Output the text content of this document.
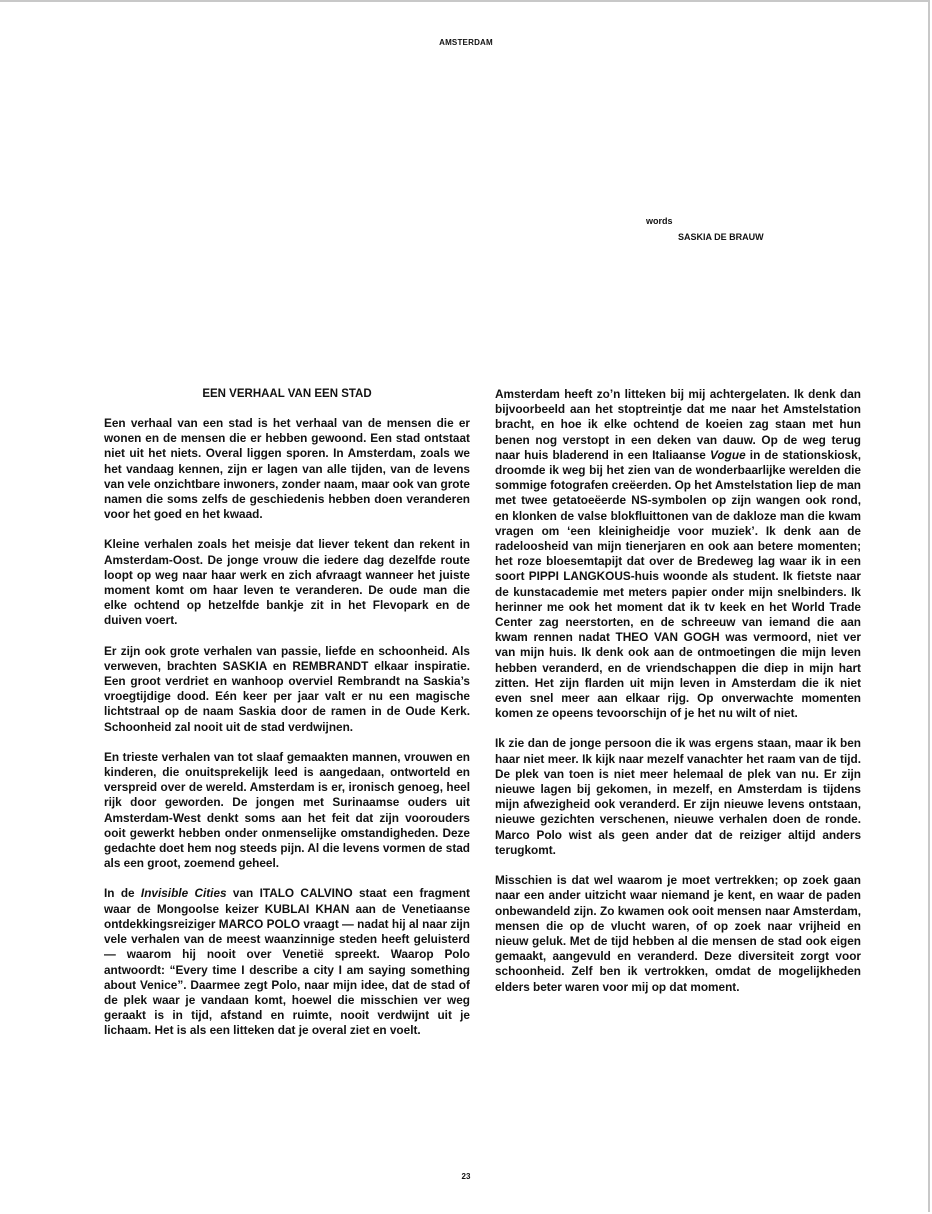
AMSTERDAM
words
SASKIA DE BRAUW
EEN VERHAAL VAN EEN STAD

Een verhaal van een stad is het verhaal van de mensen die er wonen en de mensen die er hebben gewoond. Een stad ontstaat niet uit het niets. Overal liggen sporen. In Amsterdam, zoals we het vandaag kennen, zijn er lagen van alle tijden, van de levens van vele onzichtbare inwoners, zonder naam, maar ook van grote namen die soms zelfs de geschiedenis hebben doen veranderen voor het goed en het kwaad.

Kleine verhalen zoals het meisje dat liever tekent dan rekent in Amsterdam-Oost. De jonge vrouw die iedere dag dezelfde route loopt op weg naar haar werk en zich afvraagt wanneer het juiste moment komt om haar leven te veranderen. De oude man die elke ochtend op hetzelfde bankje zit in het Flevopark en de duiven voert.

Er zijn ook grote verhalen van passie, liefde en schoonheid. Als verweven, brachten SASKIA en REMBRANDT elkaar inspiratie. Een groot verdriet en wanhoop overviel Rembrandt na Saskia’s vroegtijdige dood. Eén keer per jaar valt er nu een magische lichtstraal op de naam Saskia door de ramen in de Oude Kerk. Schoonheid zal nooit uit de stad verdwijnen.

En trieste verhalen van tot slaaf gemaakten mannen, vrouwen en kinderen, die onuitsprekelijk leed is aangedaan, ontworteld en verspreid over de wereld. Amsterdam is er, ironisch genoeg, heel rijk door geworden. De jongen met Surinaamse ouders uit Amsterdam-West denkt soms aan het feit dat zijn voorouders ooit gewerkt hebben onder onmenselijke omstandigheden. Deze gedachte doet hem nog steeds pijn. Al die levens vormen de stad als een groot, zoemend geheel.

In de Invisible Cities van ITALO CALVINO staat een fragment waar de Mongoolse keizer KUBLAI KHAN aan de Venetiaanse ontdekkingsreiziger MARCO POLO vraagt — nadat hij al naar zijn vele verhalen van de meest waanzinnige steden heeft geluisterd — waarom hij nooit over Venetië spreekt. Waarop Polo antwoordt: “Every time I describe a city I am saying something about Venice”. Daarmee zegt Polo, naar mijn idee, dat de stad of de plek waar je vandaan komt, hoewel die misschien ver weg geraakt is in tijd, afstand en ruimte, nooit verdwijnt uit je lichaam. Het is als een litteken dat je overal ziet en voelt.

Amsterdam heeft zo’n litteken bij mij achtergelaten. Ik denk dan bijvoorbeeld aan het stoptreintje dat me naar het Amstelstation bracht, en hoe ik elke ochtend de koeien zag staan met hun benen nog verstopt in een deken van dauw. Op de weg terug naar huis bladerend in een Italiaanse Vogue in de stationskiosk, droomde ik weg bij het zien van de wonderbaarlijke werelden die sommige fotografen creëerden. Op het Amstelstation liep de man met twee getatoeëerde NS-symbolen op zijn wangen ook rond, en klonken de valse blokfluittonen van de dakloze man die kwam vragen om ‘een kleinigheidje voor muziek’. Ik denk aan de radeloosheid van mijn tienerjaren en ook aan betere momenten; het roze bloesemtapijt dat over de Bredeweg lag waar ik in een soort PIPPI LANGKOUS-huis woonde als student. Ik fietste naar de kunstacademie met meters papier onder mijn snelbinders. Ik herinner me ook het moment dat ik tv keek en het World Trade Center zag neerstorten, en de schreeuw van iemand die aan kwam rennen nadat THEO VAN GOGH was vermoord, niet ver van mijn huis. Ik denk ook aan de ontmoetingen die mijn leven hebben veranderd, en de vriendschappen die diep in mijn hart zitten. Het zijn flarden uit mijn leven in Amsterdam die ik niet even snel meer aan elkaar rijg. Op onverwachte momenten komen ze opeens tevoorschijn of je het nu wilt of niet.

Ik zie dan de jonge persoon die ik was ergens staan, maar ik ben haar niet meer. Ik kijk naar mezelf vanachter het raam van de tijd. De plek van toen is niet meer helemaal de plek van nu. Er zijn nieuwe lagen bij gekomen, in mezelf, en Amsterdam is tijdens mijn afwezigheid ook veranderd. Er zijn nieuwe levens ontstaan, nieuwe gezichten verschenen, nieuwe verhalen doen de ronde. Marco Polo wist als geen ander dat de reiziger altijd anders terugkomt.

Misschien is dat wel waarom je moet vertrekken; op zoek gaan naar een ander uitzicht waar niemand je kent, en waar de paden onbewandeld zijn. Zo kwamen ook ooit mensen naar Amsterdam, mensen die op de vlucht waren, of op zoek naar vrijheid en nieuw geluk. Met de tijd hebben al die mensen de stad ook eigen gemaakt, aangevuld en veranderd. Deze diversiteit zorgt voor schoonheid. Zelf ben ik vertrokken, omdat de mogelijkheden elders beter waren voor mij op dat moment.

23
